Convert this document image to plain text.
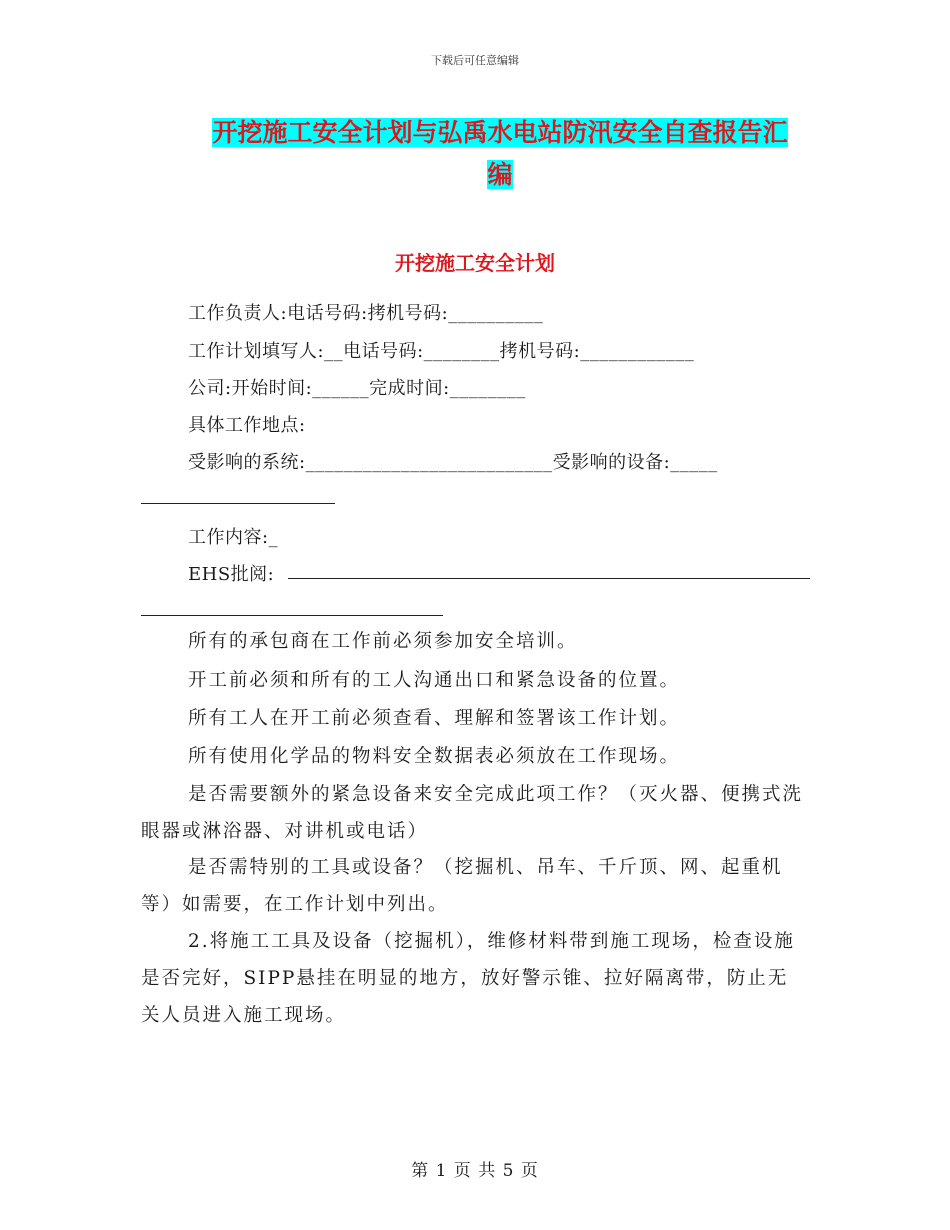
下载后可任意编辑
开挖施工安全计划与弘禹水电站防汛安全自查报告汇
编
开挖施工安全计划
工作负责人:电话号码:拷机号码:__________
工作计划填写人:__电话号码:________拷机号码:____________
公司:开始时间:______完成时间:________
具体工作地点:
受影响的系统:__________________________受影响的设备:_____
工作内容:_
EHS批阅:
所有的承包商在工作前必须参加安全培训。
开工前必须和所有的工人沟通出口和紧急设备的位置。
所有工人在开工前必须查看、理解和签署该工作计划。
所有使用化学品的物料安全数据表必须放在工作现场。
是否需要额外的紧急设备来安全完成此项工作？（灭火器、便携式洗眼器或淋浴器、对讲机或电话）
是否需特别的工具或设备？（挖掘机、吊车、千斤顶、网、起重机等）如需要，在工作计划中列出。
2.将施工工具及设备（挖掘机），维修材料带到施工现场，检查设施是否完好，SIPP悬挂在明显的地方，放好警示锥、拉好隔离带，防止无关人员进入施工现场。
第 1 页 共 5 页
